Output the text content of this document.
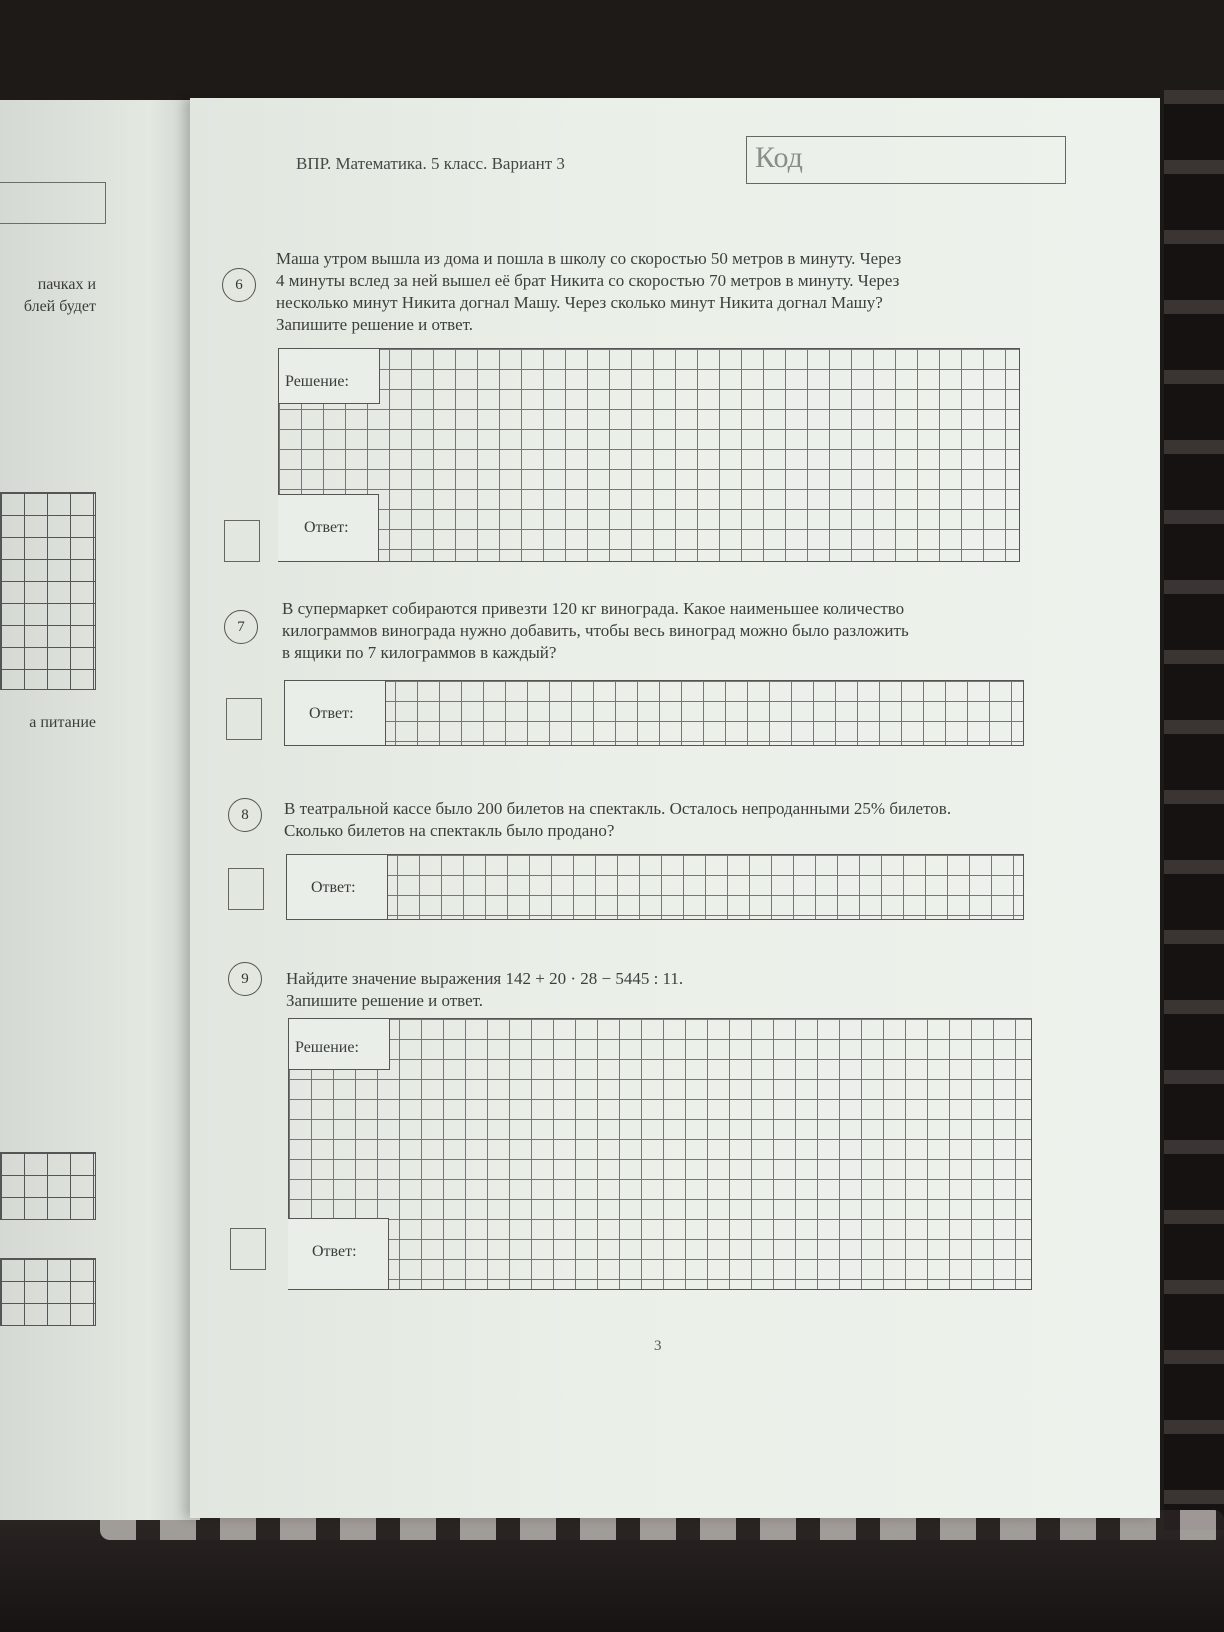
пачках и
блей будет
а питание
ВПР. Математика. 5 класс. Вариант 3	Код
6
Маша утром вышла из дома и пошла в школу со скоростью 50 метров в минуту. Через
4 минуты вслед за ней вышел её брат Никита со скоростью 70 метров в минуту. Через
несколько минут Никита догнал Машу. Через сколько минут Никита догнал Машу?
Запишите решение и ответ.
Решение:
Ответ:
7
В супермаркет собираются привезти 120 кг винограда. Какое наименьшее количество
килограммов винограда нужно добавить, чтобы весь виноград можно было разложить
в ящики по 7 килограммов в каждый?
Ответ:
8	В театральной кассе было 200 билетов на спектакль. Осталось непроданными 25% билетов.
Сколько билетов на спектакль было продано?
Ответ:
9	Найдите значение выражения 142 + 20 · 28 − 5445 : 11.
Запишите решение и ответ.
Решение:
Ответ:
3
